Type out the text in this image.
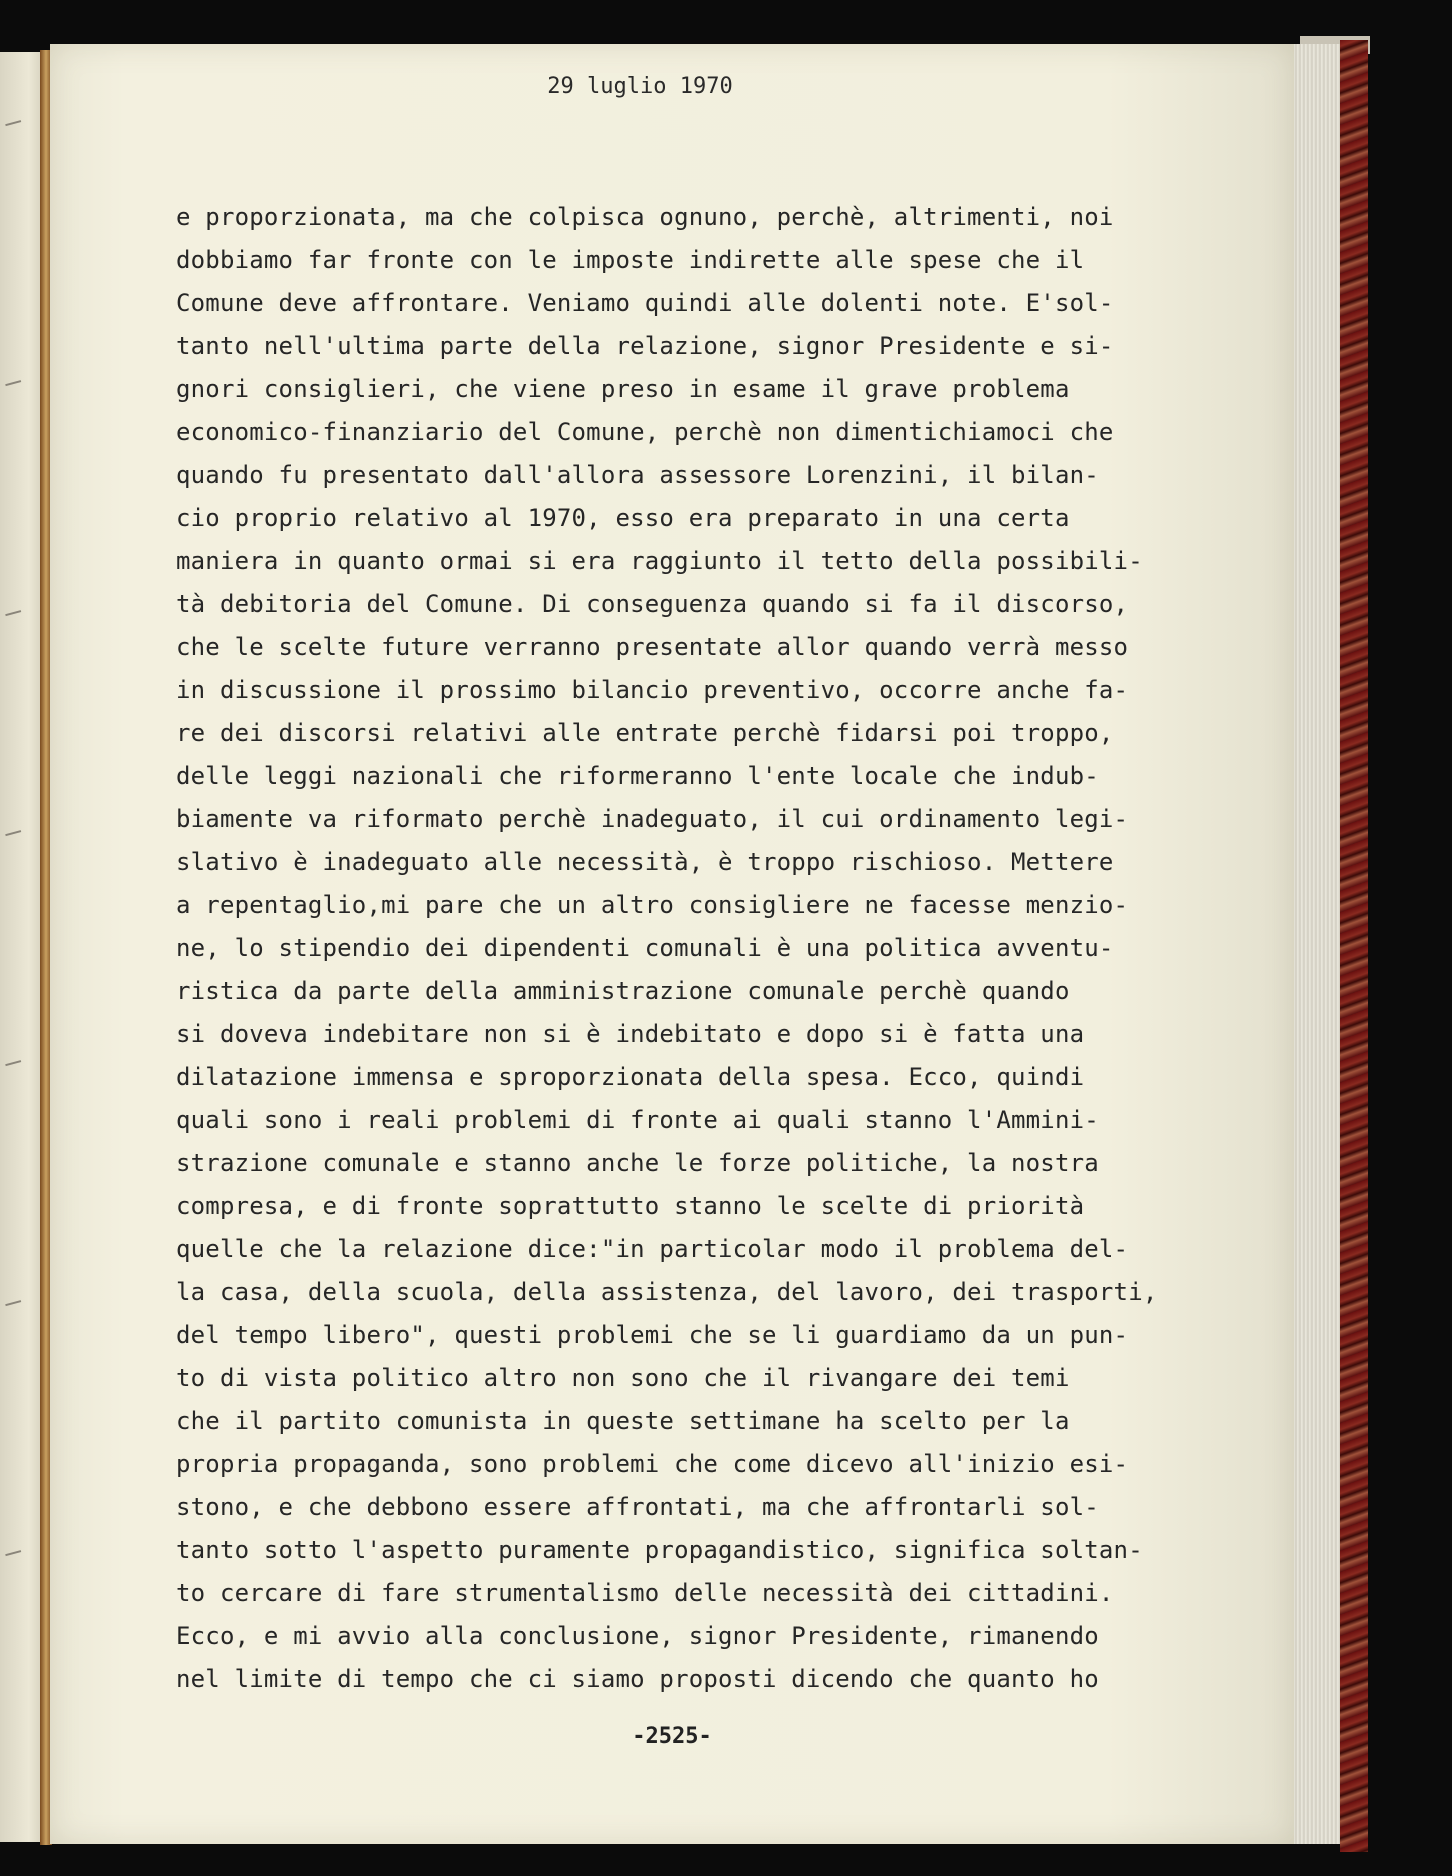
29 luglio 1970
e proporzionata, ma che colpisca ognuno, perchè, altrimenti, noi
dobbiamo far fronte con le imposte indirette alle spese che il
Comune deve affrontare. Veniamo quindi alle dolenti note. E'sol-
tanto nell'ultima parte della relazione, signor Presidente e si-
gnori consiglieri, che viene preso in esame il grave problema
economico-finanziario del Comune, perchè non dimentichiamoci che
quando fu presentato dall'allora assessore Lorenzini, il bilan-
cio proprio relativo al 1970, esso era preparato in una certa
maniera in quanto ormai si era raggiunto il tetto della possibili-
tà debitoria del Comune. Di conseguenza quando si fa il discorso,
che le scelte future verranno presentate allor quando verrà messo
in discussione il prossimo bilancio preventivo, occorre anche fa-
re dei discorsi relativi alle entrate perchè fidarsi poi troppo,
delle leggi nazionali che riformeranno l'ente locale che indub-
biamente va riformato perchè inadeguato, il cui ordinamento legi-
slativo è inadeguato alle necessità, è troppo rischioso. Mettere
a repentaglio,mi pare che un altro consigliere ne facesse menzio-
ne, lo stipendio dei dipendenti comunali è una politica avventu-
ristica da parte della amministrazione comunale perchè quando
si doveva indebitare non si è indebitato e dopo si è fatta una
dilatazione immensa e sproporzionata della spesa. Ecco, quindi
quali sono i reali problemi di fronte ai quali stanno l'Ammini-
strazione comunale e stanno anche le forze politiche, la nostra
compresa, e di fronte soprattutto stanno le scelte di priorità
quelle che la relazione dice:"in particolar modo il problema del-
la casa, della scuola, della assistenza, del lavoro, dei trasporti,
del tempo libero", questi problemi che se li guardiamo da un pun-
to di vista politico altro non sono che il rivangare dei temi
che il partito comunista in queste settimane ha scelto per la
propria propaganda, sono problemi che come dicevo all'inizio esi-
stono, e che debbono essere affrontati, ma che affrontarli sol-
tanto sotto l'aspetto puramente propagandistico, significa soltan-
to cercare di fare strumentalismo delle necessità dei cittadini.
Ecco, e mi avvio alla conclusione, signor Presidente, rimanendo
nel limite di tempo che ci siamo proposti dicendo che quanto ho
-2525-
